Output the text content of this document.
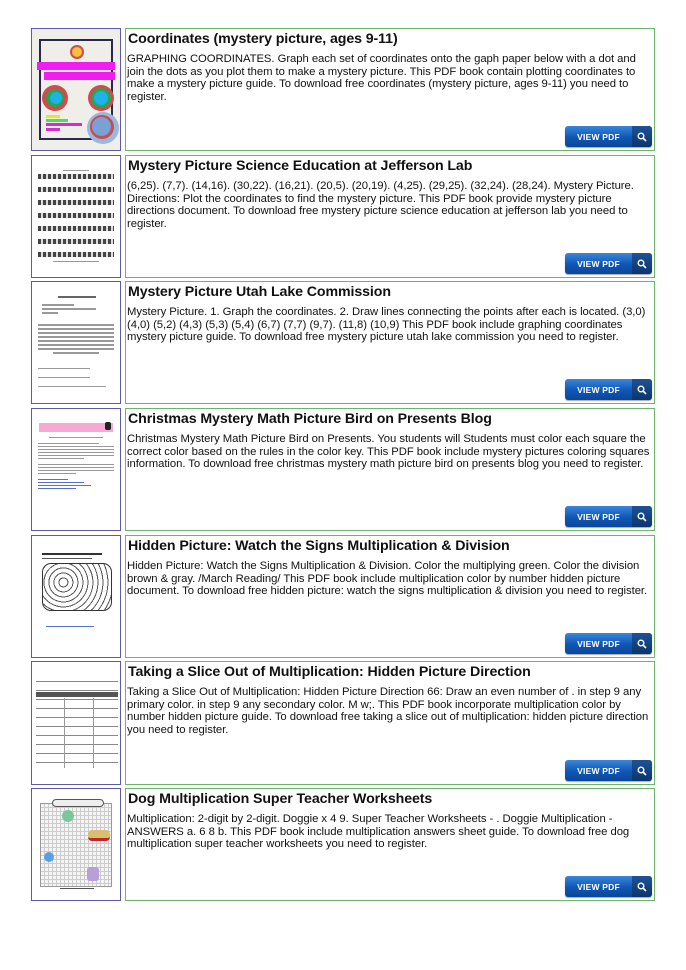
Coordinates (mystery picture, ages 9-11)
GRAPHING COORDINATES. Graph each set of coordinates onto the gaph paper below with a dot and join the dots as you plot them to make a mystery picture. This PDF book contain plotting coordinates to make a mystery picture guide. To download free coordinates (mystery picture, ages 9-11) you need to register.
VIEW PDF
Mystery Picture Science Education at Jefferson Lab
(6,25). (7,7). (14,16). (30,22). (16,21). (20,5). (20,19). (4,25). (29,25). (32,24). (28,24). Mystery Picture. Directions: Plot the coordinates to find the mystery picture. This PDF book provide mystery picture directions document. To download free mystery picture science education at jefferson lab you need to register.
VIEW PDF
Mystery Picture Utah Lake Commission
Mystery Picture. 1. Graph the coordinates. 2. Draw lines connecting the points after each is located. (3,0) (4,0) (5,2) (4,3) (5,3) (5,4) (6,7) (7,7) (9,7). (11,8) (10,9) This PDF book include graphing coordinates mystery picture guide. To download free mystery picture utah lake commission you need to register.
VIEW PDF
Christmas Mystery Math Picture Bird on Presents Blog
Christmas Mystery Math Picture Bird on Presents. You students will Students must color each square the correct color based on the rules in the color key. This PDF book include mystery pictures coloring squares information. To download free christmas mystery math picture bird on presents blog you need to register.
VIEW PDF
Hidden Picture: Watch the Signs Multiplication & Division
Hidden Picture: Watch the Signs Multiplication & Division. Color the multiplying green. Color the division brown & gray. /March Reading/ This PDF book include multiplication color by number hidden picture document. To download free hidden picture: watch the signs multiplication & division you need to register.
VIEW PDF
Taking a Slice Out of Multiplication: Hidden Picture Direction
Taking a Slice Out of Multiplication: Hidden Picture Direction 66: Draw an even number of . in step 9 any primary color. in step 9 any secondary color. M w;. This PDF book incorporate multiplication color by number hidden picture guide. To download free taking a slice out of multiplication: hidden picture direction you need to register.
VIEW PDF
Dog Multiplication Super Teacher Worksheets
Multiplication: 2-digit by 2-digit. Doggie x 4 9. Super Teacher Worksheets - . Doggie Multiplication - ANSWERS a. 6 8 b. This PDF book include multiplication answers sheet guide. To download free dog multiplication super teacher worksheets you need to register.
VIEW PDF
